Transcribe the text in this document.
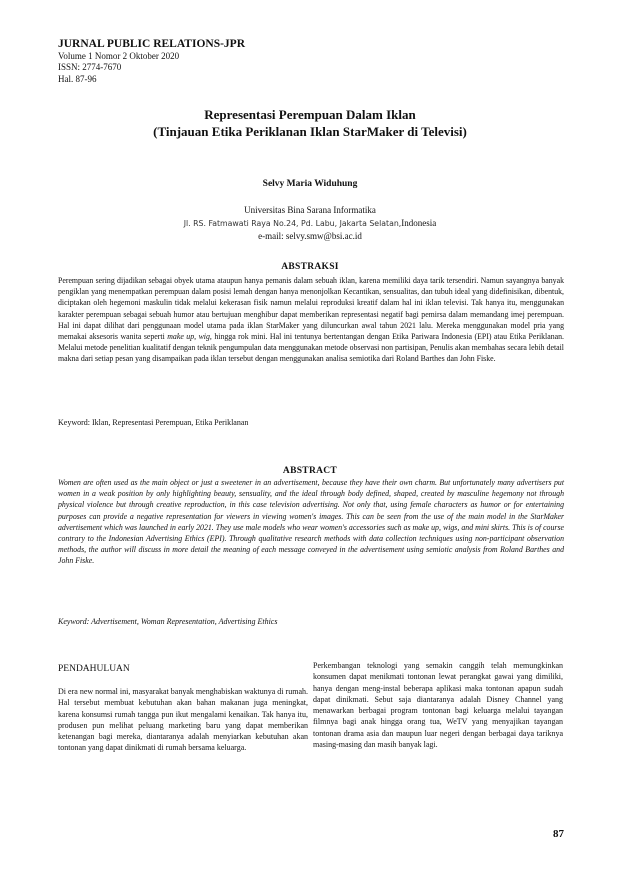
JURNAL PUBLIC RELATIONS-JPR
Volume 1 Nomor 2 Oktober 2020
ISSN: 2774-7670
Hal. 87-96
Representasi Perempuan Dalam Iklan
(Tinjauan Etika Periklanan Iklan StarMaker di Televisi)
Selvy Maria Widuhung
Universitas Bina Sarana Informatika
Jl. RS. Fatmawati Raya No.24, Pd. Labu, Jakarta Selatan,Indonesia
e-mail: selvy.smw@bsi.ac.id
ABSTRAKSI
Perempuan sering dijadikan sebagai obyek utama ataupun hanya pemanis dalam sebuah iklan, karena memiliki daya tarik tersendiri. Namun sayangnya banyak pengiklan yang menempatkan perempuan dalam posisi lemah dengan hanya menonjolkan Kecantikan, sensualitas, dan tubuh ideal yang didefinisikan, dibentuk, diciptakan oleh hegemoni maskulin tidak melalui kekerasan fisik namun melalui reproduksi kreatif dalam hal ini iklan televisi. Tak hanya itu, menggunakan karakter perempuan sebagai sebuah humor atau bertujuan menghibur dapat memberikan representasi negatif bagi pemirsa dalam memandang imej perempuan. Hal ini dapat dilihat dari penggunaan model utama pada iklan StarMaker yang diluncurkan awal tahun 2021 lalu. Mereka menggunakan model pria yang memakai aksesoris wanita seperti make up, wig, hingga rok mini. Hal ini tentunya bertentangan dengan Etika Pariwara Indonesia (EPI) atau Etika Periklanan. Melalui metode penelitian kualitatif dengan teknik pengumpulan data menggunakan metode observasi non partisipan, Penulis akan membahas secara lebih detail makna dari setiap pesan yang disampaikan pada iklan tersebut dengan menggunakan analisa semiotika dari Roland Barthes dan John Fiske.
Keyword: Iklan, Representasi Perempuan, Etika Periklanan
ABSTRACT
Women are often used as the main object or just a sweetener in an advertisement, because they have their own charm. But unfortunately many advertisers put women in a weak position by only highlighting beauty, sensuality, and the ideal through body defined, shaped, created by masculine hegemony not through physical violence but through creative reproduction, in this case television advertising. Not only that, using female characters as humor or for entertaining purposes can provide a negative representation for viewers in viewing women's images. This can be seen from the use of the main model in the StarMaker advertisement which was launched in early 2021. They use male models who wear women's accessories such as make up, wigs, and mini skirts. This is of course contrary to the Indonesian Advertising Ethics (EPI). Through qualitative research methods with data collection techniques using non-participant observation methods, the author will discuss in more detail the meaning of each message conveyed in the advertisement using semiotic analysis from Roland Barthes and John Fiske.
Keyword: Advertisement, Woman Representation, Advertising Ethics
PENDAHULUAN
Di era new normal ini, masyarakat banyak menghabiskan waktunya di rumah. Hal tersebut membuat kebutuhan akan bahan makanan juga meningkat, karena konsumsi rumah tangga pun ikut mengalami kenaikan. Tak hanya itu, produsen pun melihat peluang marketing baru yang dapat memberikan ketenangan bagi mereka, diantaranya adalah menyiarkan kebutuhan akan tontonan yang dapat dinikmati di rumah bersama keluarga.
Perkembangan teknologi yang semakin canggih telah memungkinkan konsumen dapat menikmati tontonan lewat perangkat gawai yang dimiliki, hanya dengan meng-instal beberapa aplikasi maka tontonan apapun sudah dapat dinikmati. Sebut saja diantaranya adalah Disney Channel yang menawarkan berbagai program tontonan bagi keluarga melalui tayangan filmnya bagi anak hingga orang tua, WeTV yang menyajikan tayangan tontonan drama asia dan maupun luar negeri dengan berbagai daya tariknya masing-masing dan masih banyak lagi.
87
